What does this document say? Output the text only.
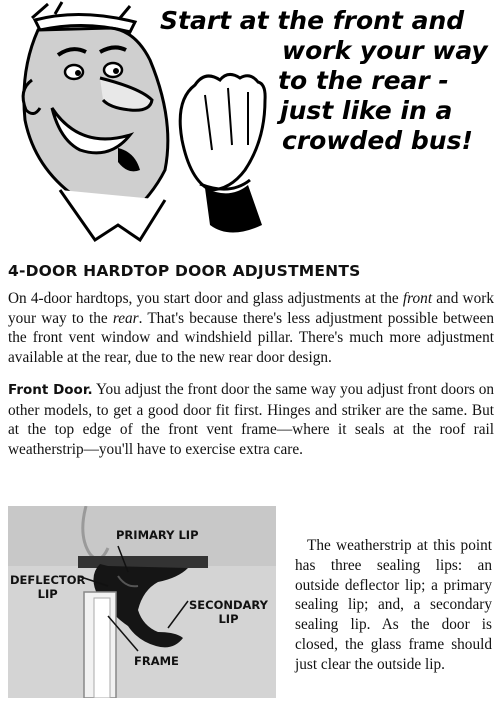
Start at the front and
work your way
to the rear -
just like in a
crowded bus!
4-DOOR HARDTOP DOOR ADJUSTMENTS

On 4-door hardtops, you start door and glass adjustments at the front and work your way to the rear. That's because there's less adjustment possible between the front vent window and windshield pillar. There's much more adjustment available at the rear, due to the new rear door design.

Front Door. You adjust the front door the same way you adjust front doors on other models, to get a good door fit first. Hinges and striker are the same. But at the top edge of the front vent frame—where it seals at the roof rail weatherstrip—you'll have to exercise extra care.

PRIMARY LIP
DEFLECTOR
LIP
SECONDARY
LIP
FRAME

The weatherstrip at this point has three sealing lips: an outside deflector lip; a primary sealing lip; and, a secondary sealing lip. As the door is closed, the glass frame should just clear the outside lip.
